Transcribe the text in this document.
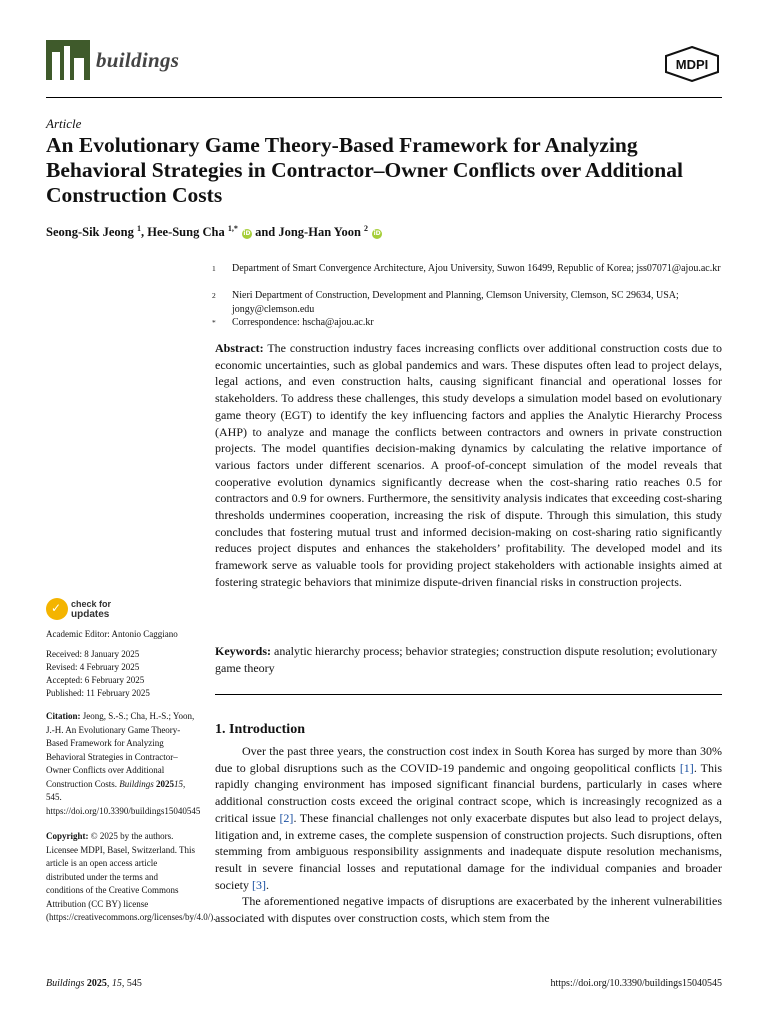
buildings	MDPI
Article
An Evolutionary Game Theory-Based Framework for Analyzing Behavioral Strategies in Contractor–Owner Conflicts over Additional Construction Costs
Seong-Sik Jeong $^1$, Hee-Sung Cha $^{1,*}$ iD and Jong-Han Yoon $^2$ iD
1	Department of Smart Convergence Architecture, Ajou University, Suwon 16499, Republic of Korea; jss07071@ajou.ac.kr
2	Nieri Department of Construction, Development and Planning, Clemson University, Clemson, SC 29634, USA; jongy@clemson.edu
*	Correspondence: hscha@ajou.ac.kr
Abstract: The construction industry faces increasing conflicts over additional construction costs due to economic uncertainties, such as global pandemics and wars. These disputes often lead to project delays, legal actions, and even construction halts, causing significant financial and operational losses for stakeholders. To address these challenges, this study develops a simulation model based on evolutionary game theory (EGT) to identify the key influencing factors and applies the Analytic Hierarchy Process (AHP) to analyze and manage the conflicts between contractors and owners in private construction projects. The model quantifies decision-making dynamics by calculating the relative importance of various factors under different scenarios. A proof-of-concept simulation of the model reveals that cooperative evolution dynamics significantly decrease when the cost-sharing ratio reaches 0.5 for contractors and 0.9 for owners. Furthermore, the sensitivity analysis indicates that exceeding cost-sharing thresholds undermines cooperation, increasing the risk of dispute. Through this simulation, this study concludes that fostering mutual trust and informed decision-making on cost-sharing ratio significantly reduces project disputes and enhances the stakeholders’ profitability. The developed model and its framework serve as valuable tools for providing project stakeholders with actionable insights aimed at fostering strategic behaviors that minimize dispute-driven financial risks in construction projects.
Keywords: analytic hierarchy process; behavior strategies; construction dispute resolution; evolutionary game theory
1. Introduction

Over the past three years, the construction cost index in South Korea has surged by more than 30% due to global disruptions such as the COVID-19 pandemic and ongoing geopolitical conflicts [1]. This rapidly changing environment has imposed significant financial burdens, particularly in cases where additional construction costs exceed the original contract scope, which is increasingly recognized as a critical issue [2]. These financial challenges not only exacerbate disputes but also lead to project delays, litigation and, in extreme cases, the complete suspension of construction projects. Such disruptions, often stemming from ambiguous responsibility assignments and inadequate dispute resolution mechanisms, result in severe financial losses and reputational damage for the individual companies and broader society [3].

The aforementioned negative impacts of disruptions are exacerbated by the inherent vulnerabilities associated with disputes over construction costs, which stem from the

✓ check for
updates
Academic Editor: Antonio Caggiano
Received: 8 January 2025
Revised: 4 February 2025
Accepted: 6 February 2025
Published: 11 February 2025
Citation: Jeong, S.-S.; Cha, H.-S.; Yoon, J.-H. An Evolutionary Game Theory-Based Framework for Analyzing Behavioral Strategies in Contractor–Owner Conflicts over Additional Construction Costs. Buildings 202515, 545. https://doi.org/10.3390/buildings15040545
Copyright: © 2025 by the authors. Licensee MDPI, Basel, Switzerland. This article is an open access article distributed under the terms and conditions of the Creative Commons Attribution (CC BY) license (https://creativecommons.org/licenses/by/4.0/).
Buildings 2025, 15, 545	https://doi.org/10.3390/buildings15040545
